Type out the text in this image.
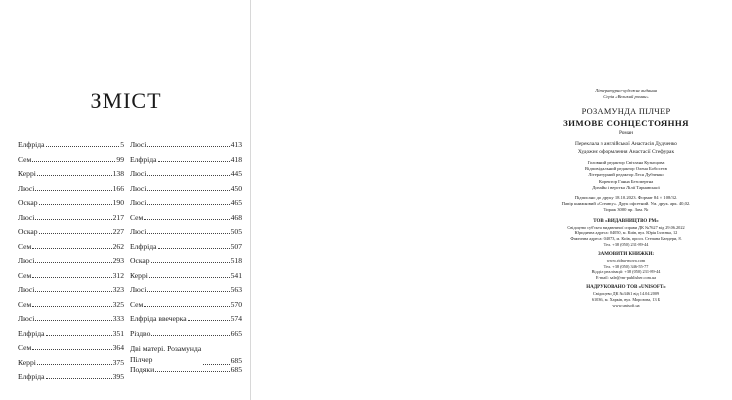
ЗМІСТ
Елфріда	5
Сем	99
Керрі	138
Люсі	166
Оскар	190
Люсі	217
Оскар	227
Сем	262
Люсі	293
Сем	312
Люсі	323
Сем	325
Люсі	333
Елфріда	351
Сем	364
Керрі	375
Елфріда	395
Люсі	413
Елфріда	418
Люсі	445
Люсі	450
Люсі	465
Сем	468
Люсі	505
Елфріда	507
Оскар	518
Керрі	541
Люсі	563
Сем	570
Елфріда ввечерка	574
Різдво	665
Дві матері. Розамунда Пілчер	685
Подяки	685
Літературно-художнє видання
Серія «Великий роман»
РОЗАМУНДА ПІЛЧЕР
ЗИМОВЕ СОНЦЕСТОЯННЯ
Роман
Переклала з англійської Анастасія Дудченко
Художнє оформлення Анастасії Стефурак
Головний редактор Світлана Кузнєцова
Відповідальний редактор Олена Бобосеєв
Літературний редактор Леся Дубченко
Коректор Ганна Безсмертна
Дизайн і верстка Лілії Тарнавської
Підписано до друку 18.10.2023. Формат 84 × 108/32.
Папір книжковий «Creamy». Друк офсетний. Ум. друк. арк. 40,02.
Тираж 3000 пр. Зам. №
ТОВ «ВИДАВНИЦТВО РМ»
Свідоцтво суб'єкта видавничої справи ДК №7627 від 29.06.2022
Юридична адреса: 04050, м. Київ, вул. Юрія Іллєнка, 12
Фактична адреса: 04073, м. Київ, просп. Степана Бандери, 8.
Тел. +38 (050) 231-89-44
ЗАМОВИТИ КНИЖКИ:
www.ridna-mova.com
Тел. +38 (050) 346-55-77
Відділ реалізації: +38 (050) 231-89-44
E-mail: sale@rm-publisher.com.ua
НАДРУКОВАНО ТОВ «UNISOFT»
Свідоцтво ДК №3461 від 14.04.2009
61036, м. Харків, вул. Морозова, 13 Б
www.unisoft.ua
